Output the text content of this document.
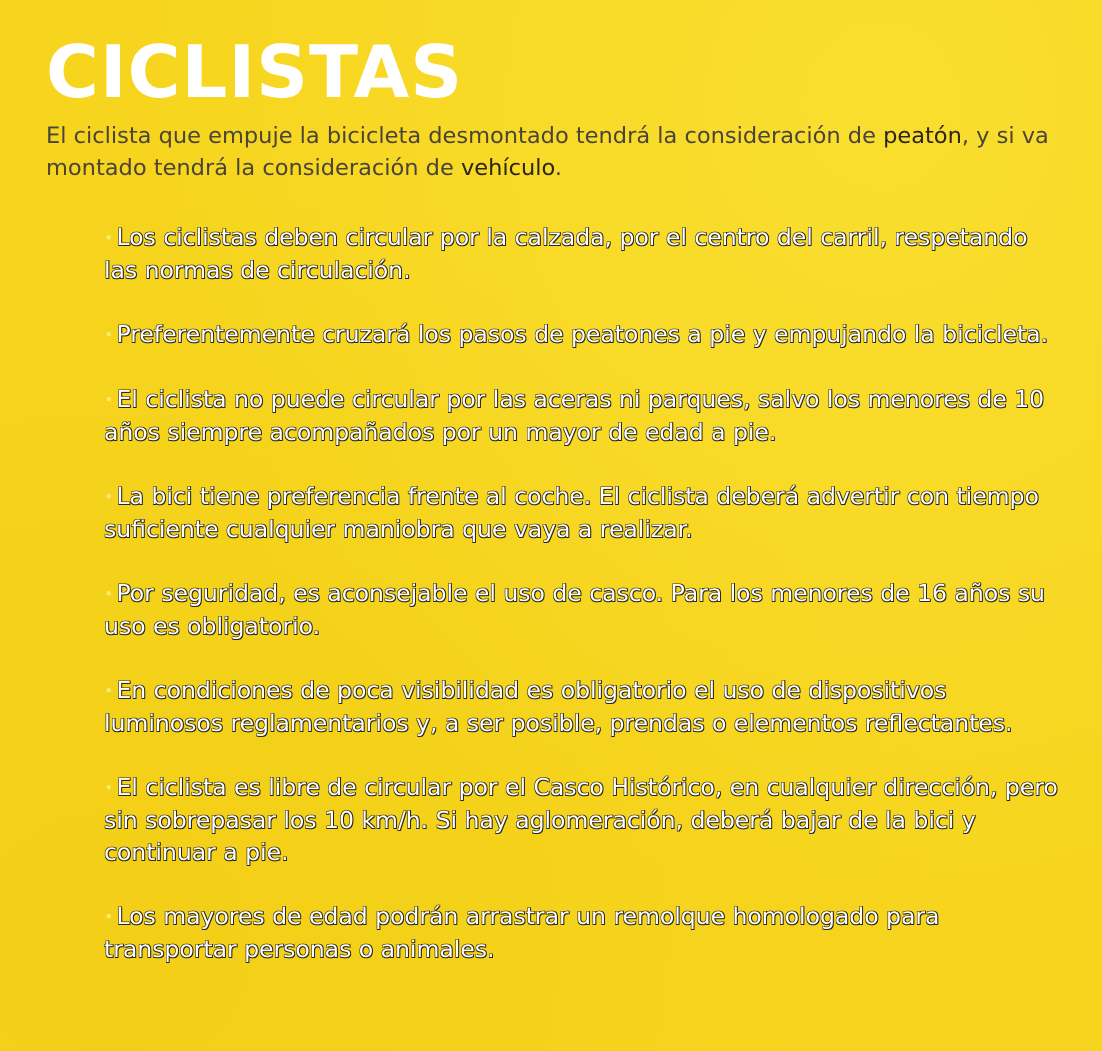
CICLISTAS

El ciclista que empuje la bicicleta desmontado tendrá la consideración de peatón, y si va montado tendrá la consideración de vehículo.

• Los ciclistas deben circular por la calzada, por el centro del carril, respetando las normas de circulación.
• Preferentemente cruzará los pasos de peatones a pie y empujando la bicicleta.
• El ciclista no puede circular por las aceras ni parques, salvo los menores de 10 años siempre acompañados por un mayor de edad a pie.
• La bici tiene preferencia frente al coche. El ciclista deberá advertir con tiempo suficiente cualquier maniobra que vaya a realizar.
• Por seguridad, es aconsejable el uso de casco. Para los menores de 16 años su uso es obligatorio.
• En condiciones de poca visibilidad es obligatorio el uso de dispositivos luminosos reglamentarios y, a ser posible, prendas o elementos reflectantes.
• El ciclista es libre de circular por el Casco Histórico, en cualquier dirección, pero sin sobrepasar los 10 km/h. Si hay aglomeración, deberá bajar de la bici y continuar a pie.
• Los mayores de edad podrán arrastrar un remolque homologado para transportar personas o animales.
